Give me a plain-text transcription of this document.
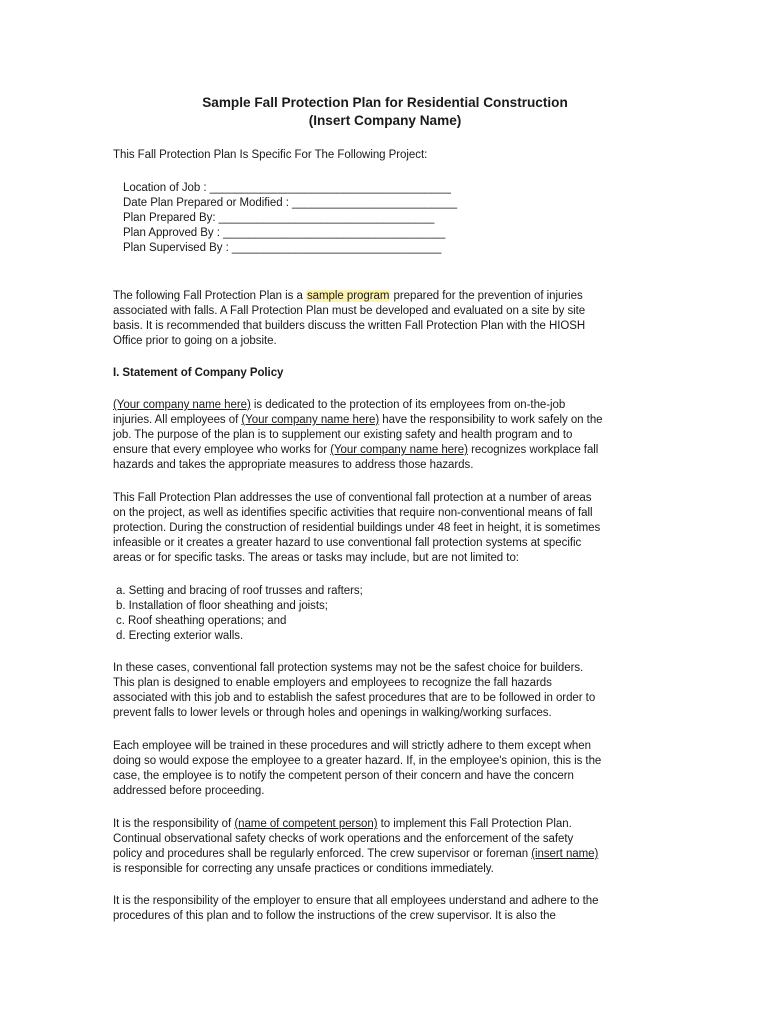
Sample Fall Protection Plan for Residential Construction
(Insert Company Name)
This Fall Protection Plan Is Specific For The Following Project:
Location of Job : ______________________________________
Date Plan Prepared or Modified : __________________________
Plan Prepared By: __________________________________
Plan Approved By : ___________________________________
Plan Supervised By : _________________________________
The following Fall Protection Plan is a sample program prepared for the prevention of injuries
associated with falls. A Fall Protection Plan must be developed and evaluated on a site by site
basis. It is recommended that builders discuss the written Fall Protection Plan with the HIOSH
Office prior to going on a jobsite.
I. Statement of Company Policy
(Your company name here) is dedicated to the protection of its employees from on-the-job
injuries. All employees of (Your company name here) have the responsibility to work safely on the
job. The purpose of the plan is to supplement our existing safety and health program and to
ensure that every employee who works for (Your company name here) recognizes workplace fall
hazards and takes the appropriate measures to address those hazards.
This Fall Protection Plan addresses the use of conventional fall protection at a number of areas
on the project, as well as identifies specific activities that require non-conventional means of fall
protection. During the construction of residential buildings under 48 feet in height, it is sometimes
infeasible or it creates a greater hazard to use conventional fall protection systems at specific
areas or for specific tasks. The areas or tasks may include, but are not limited to:
a. Setting and bracing of roof trusses and rafters;
b. Installation of floor sheathing and joists;
c. Roof sheathing operations; and
d. Erecting exterior walls.
In these cases, conventional fall protection systems may not be the safest choice for builders.
This plan is designed to enable employers and employees to recognize the fall hazards
associated with this job and to establish the safest procedures that are to be followed in order to
prevent falls to lower levels or through holes and openings in walking/working surfaces.
Each employee will be trained in these procedures and will strictly adhere to them except when
doing so would expose the employee to a greater hazard. If, in the employee's opinion, this is the
case, the employee is to notify the competent person of their concern and have the concern
addressed before proceeding.
It is the responsibility of (name of competent person) to implement this Fall Protection Plan.
Continual observational safety checks of work operations and the enforcement of the safety
policy and procedures shall be regularly enforced. The crew supervisor or foreman (insert name)
is responsible for correcting any unsafe practices or conditions immediately.
It is the responsibility of the employer to ensure that all employees understand and adhere to the
procedures of this plan and to follow the instructions of the crew supervisor. It is also the
